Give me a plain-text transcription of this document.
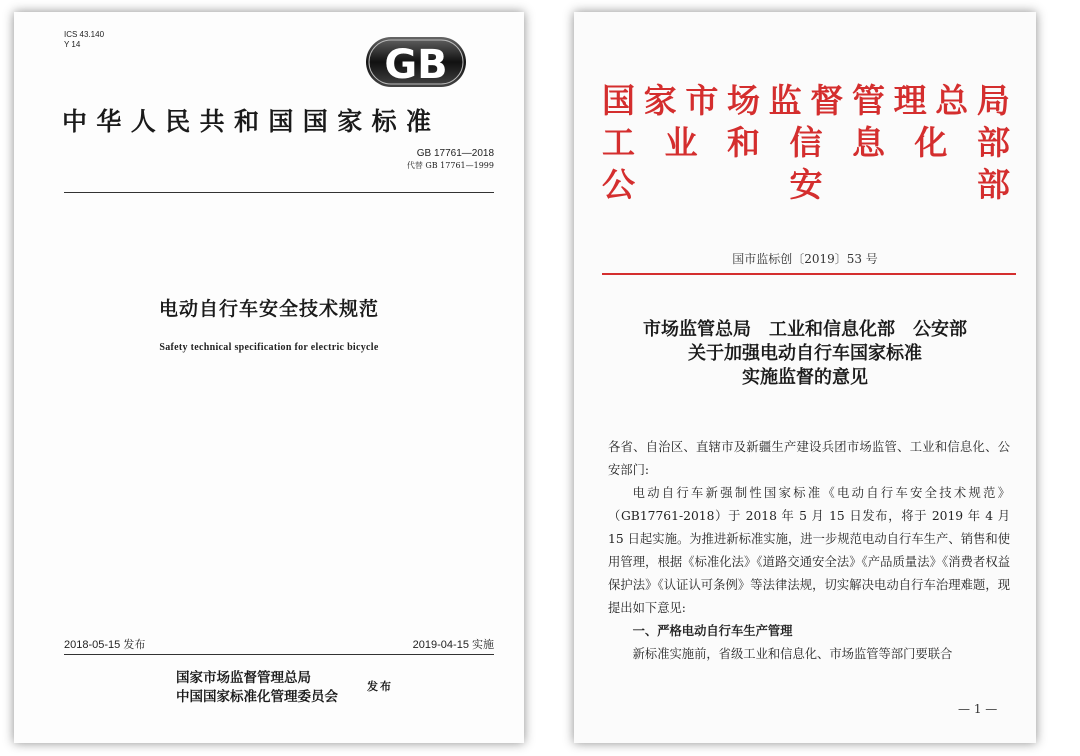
ICS 43.140
Y 14	GB
中华人民共和国国家标准
GB 17761—2018
代替 GB 17761—1999
电动自行车安全技术规范
Safety technical specification for electric bicycle
2018-05-15 发布	2019-04-15 实施
国家市场监督管理总局
中国国家标准化管理委员会
发布
国 家 市 场 监 督 管 理 总 局
工 业 和 信 息 化 部
公	安	部
国市监标创〔2019〕53 号
市场监管总局　工业和信息化部　公安部
关于加强电动自行车国家标准
实施监督的意见

各省、自治区、直辖市及新疆生产建设兵团市场监管、工业和信息化、公安部门:

电动自行车新强制性国家标准《电动自行车安全技术规范》（GB17761-2018）于 2018 年 5 月 15 日发布，将于 2019 年 4 月 15 日起实施。为推进新标准实施，进一步规范电动自行车生产、销售和使用管理，根据《标准化法》《道路交通安全法》《产品质量法》《消费者权益保护法》《认证认可条例》等法律法规，切实解决电动自行车治理难题，现提出如下意见:

一、严格电动自行车生产管理

新标准实施前，省级工业和信息化、市场监管等部门要联合

— 1 —
